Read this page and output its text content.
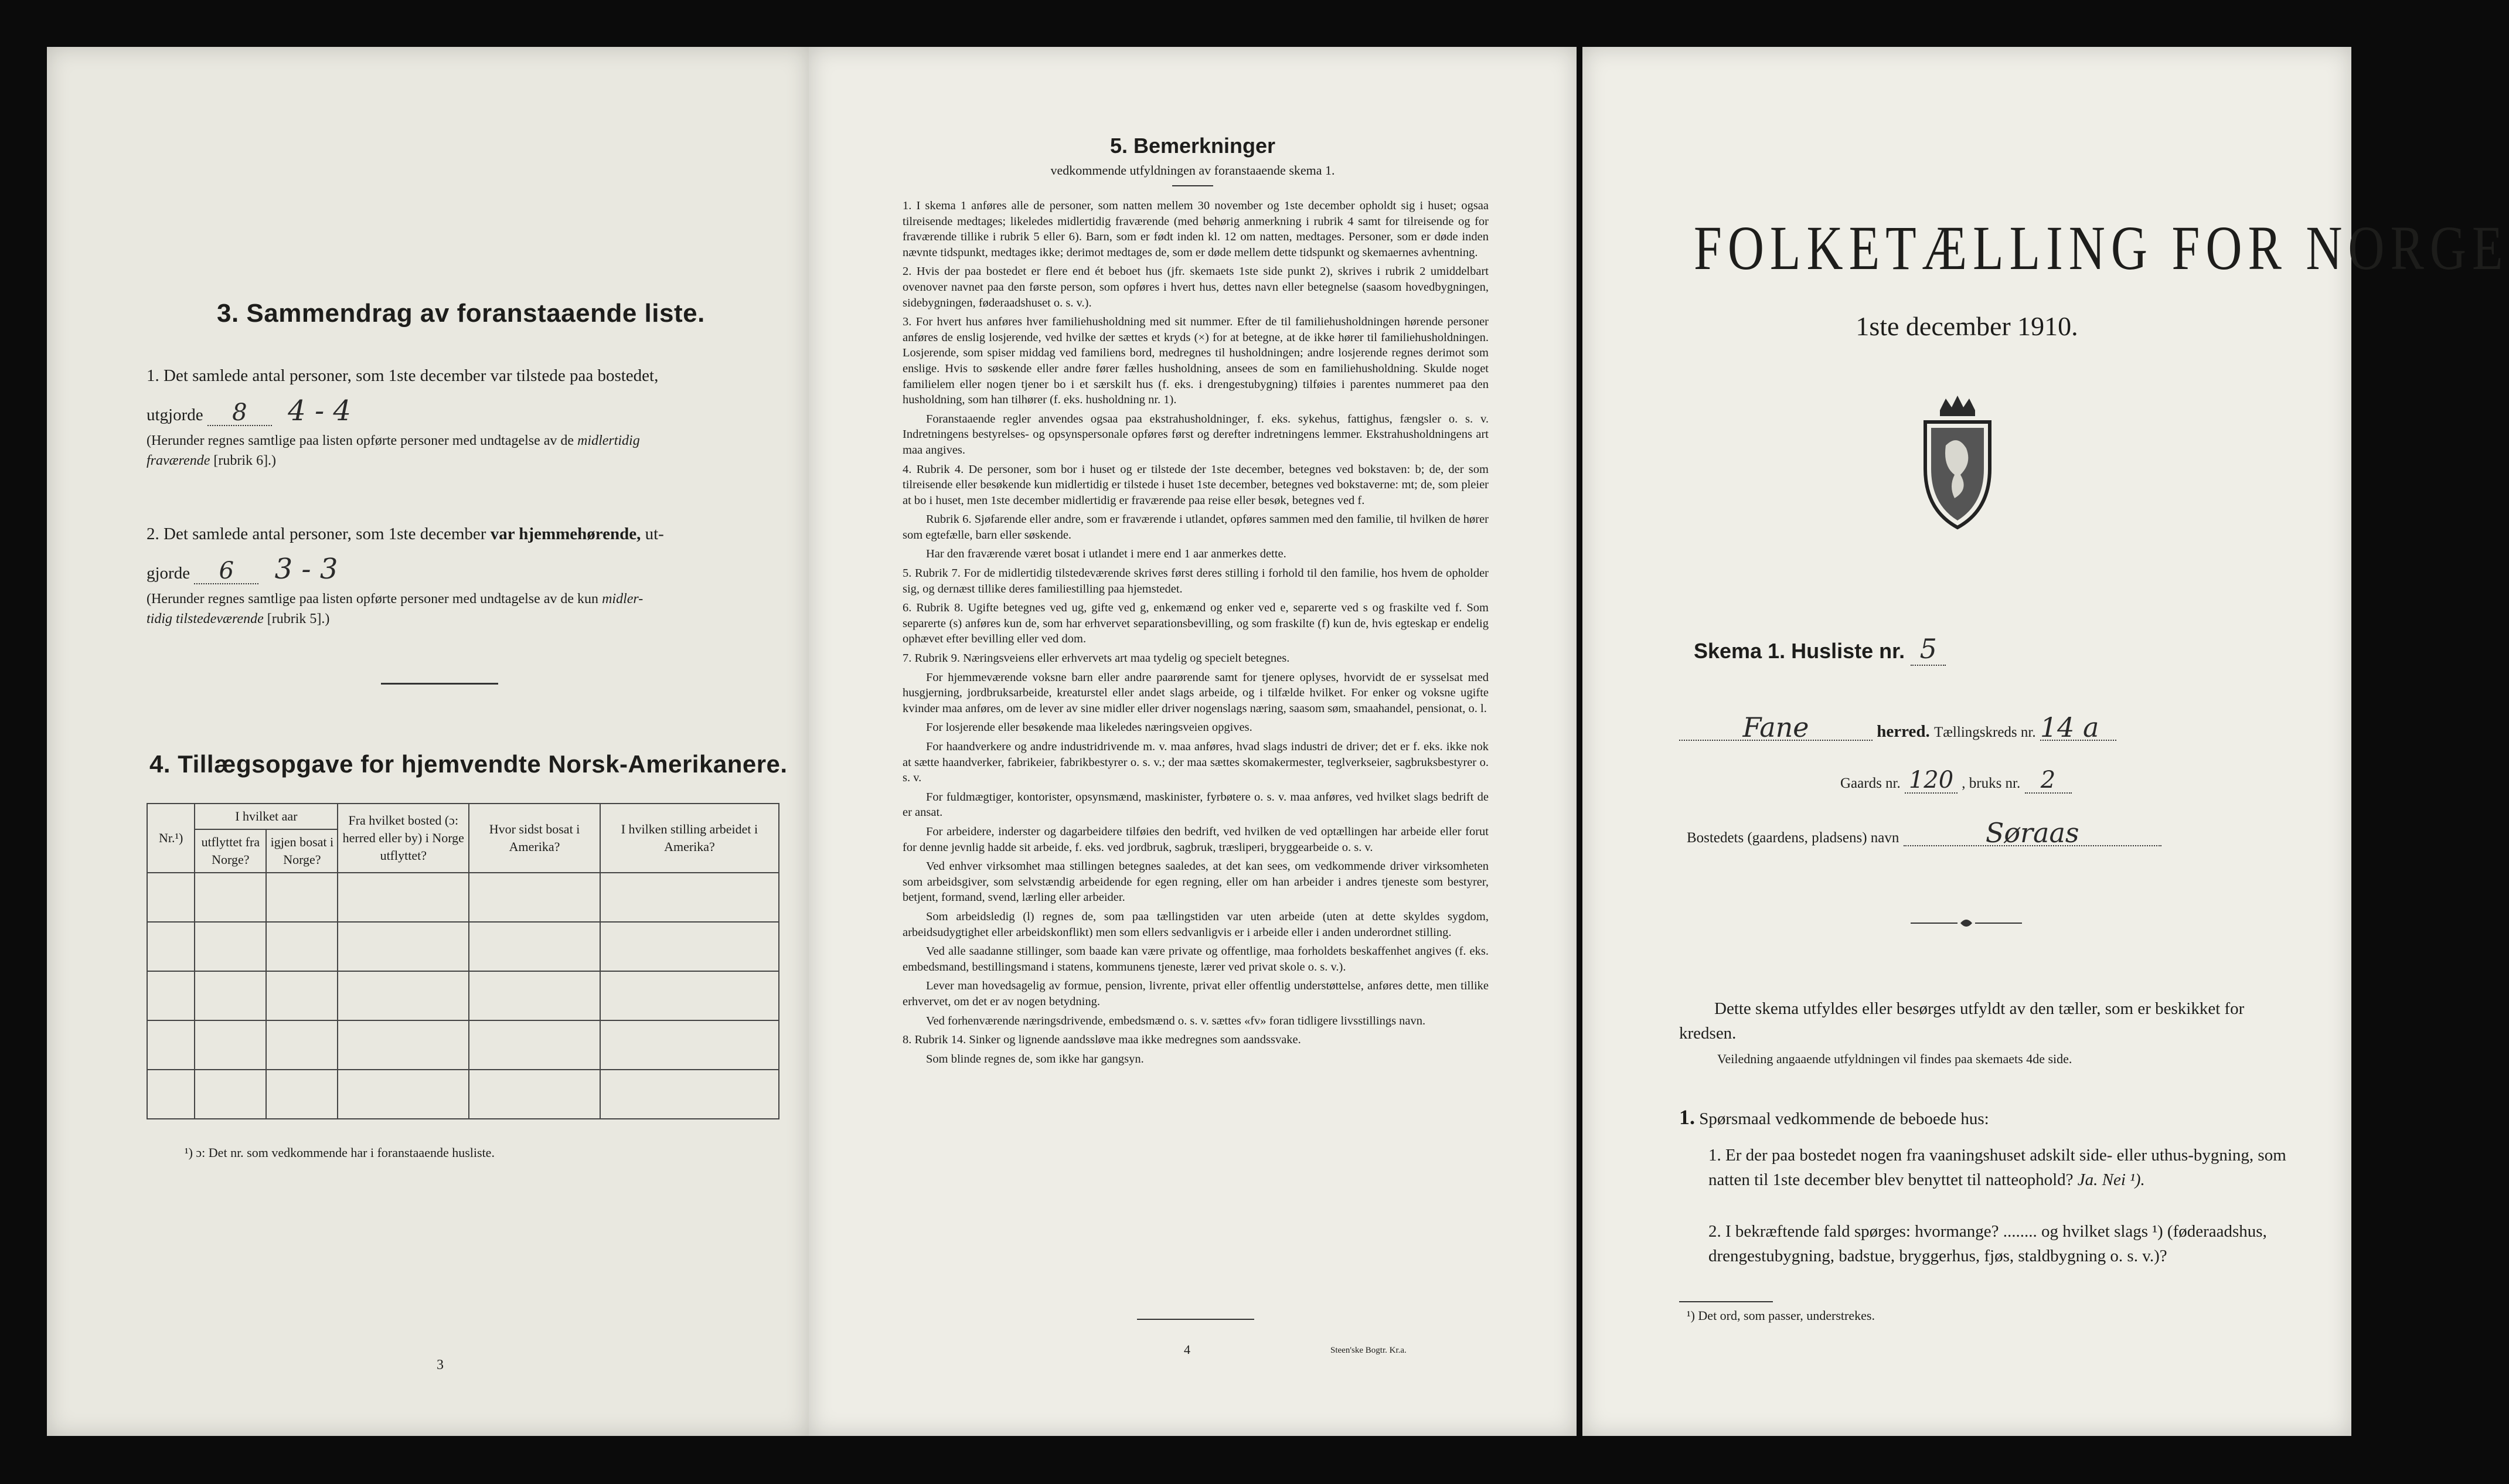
3. Sammendrag av foranstaaende liste.
1. Det samlede antal personer, som 1ste december var tilstede paa bostedet,
utgjorde 8 4 - 4
(Herunder regnes samtlige paa listen opførte personer med undtagelse av de midlertidig
fraværende [rubrik 6].)
2. Det samlede antal personer, som 1ste december var hjemmehørende, ut-
gjorde 6 3 - 3
(Herunder regnes samtlige paa listen opførte personer med undtagelse av de kun midler-
tidig tilstedeværende [rubrik 5].)
4. Tillægsopgave for hjemvendte Norsk-Amerikanere.
Nr.¹)	I hvilket aar		Fra hvilket bosted (ɔ: herred eller by) i Norge utflyttet?	Hvor sidst bosat i Amerika?	I hvilken stilling arbeidet i Amerika?
	utflyttet fra Norge?	igjen bosat i Norge?			

¹) ɔ: Det nr. som vedkommende har i foranstaaende husliste.
3
5. Bemerkninger
vedkommende utfyldningen av foranstaaende skema 1.

1. I skema 1 anføres alle de personer, som natten mellem 30 november og 1ste december opholdt sig i huset; ogsaa tilreisende medtages; likeledes midlertidig fraværende (med behørig anmerkning i rubrik 4 samt for tilreisende og for fraværende tillike i rubrik 5 eller 6). Barn, som er født inden kl. 12 om natten, medtages. Personer, som er døde inden nævnte tidspunkt, medtages ikke; derimot medtages de, som er døde mellem dette tidspunkt og skemaernes avhentning.

2. Hvis der paa bostedet er flere end ét beboet hus (jfr. skemaets 1ste side punkt 2), skrives i rubrik 2 umiddelbart ovenover navnet paa den første person, som opføres i hvert hus, dettes navn eller betegnelse (saasom hovedbygningen, sidebygningen, føderaadshuset o. s. v.).

3. For hvert hus anføres hver familiehusholdning med sit nummer. Efter de til familiehusholdningen hørende personer anføres de enslig losjerende, ved hvilke der sættes et kryds (×) for at betegne, at de ikke hører til familiehusholdningen. Losjerende, som spiser middag ved familiens bord, medregnes til husholdningen; andre losjerende regnes derimot som enslige. Hvis to søskende eller andre fører fælles husholdning, ansees de som en familiehusholdning. Skulde noget familielem eller nogen tjener bo i et særskilt hus (f. eks. i drengestubygning) tilføies i parentes nummeret paa den husholdning, som han tilhører (f. eks. husholdning nr. 1).

Foranstaaende regler anvendes ogsaa paa ekstrahusholdninger, f. eks. sykehus, fattighus, fængsler o. s. v. Indretningens bestyrelses- og opsynspersonale opføres først og derefter indretningens lemmer. Ekstrahusholdningens art maa angives.

4. Rubrik 4. De personer, som bor i huset og er tilstede der 1ste december, betegnes ved bokstaven: b; de, der som tilreisende eller besøkende kun midlertidig er tilstede i huset 1ste december, betegnes ved bokstaverne: mt; de, som pleier at bo i huset, men 1ste december midlertidig er fraværende paa reise eller besøk, betegnes ved f.

Rubrik 6. Sjøfarende eller andre, som er fraværende i utlandet, opføres sammen med den familie, til hvilken de hører som egtefælle, barn eller søskende.

Har den fraværende været bosat i utlandet i mere end 1 aar anmerkes dette.

5. Rubrik 7. For de midlertidig tilstedeværende skrives først deres stilling i forhold til den familie, hos hvem de opholder sig, og dernæst tillike deres familiestilling paa hjemstedet.

6. Rubrik 8. Ugifte betegnes ved ug, gifte ved g, enkemænd og enker ved e, separerte ved s og fraskilte ved f. Som separerte (s) anføres kun de, som har erhvervet separationsbevilling, og som fraskilte (f) kun de, hvis egteskap er endelig ophævet efter bevilling eller ved dom.

7. Rubrik 9. Næringsveiens eller erhvervets art maa tydelig og specielt betegnes.

For hjemmeværende voksne barn eller andre paarørende samt for tjenere oplyses, hvorvidt de er sysselsat med husgjerning, jordbruksarbeide, kreaturstel eller andet slags arbeide, og i tilfælde hvilket. For enker og voksne ugifte kvinder maa anføres, om de lever av sine midler eller driver nogenslags næring, saasom søm, smaahandel, pensionat, o. l.

For losjerende eller besøkende maa likeledes næringsveien opgives.

For haandverkere og andre industridrivende m. v. maa anføres, hvad slags industri de driver; det er f. eks. ikke nok at sætte haandverker, fabrikeier, fabrikbestyrer o. s. v.; der maa sættes skomakermester, teglverkseier, sagbruksbestyrer o. s. v.

For fuldmægtiger, kontorister, opsynsmænd, maskinister, fyrbøtere o. s. v. maa anføres, ved hvilket slags bedrift de er ansat.

For arbeidere, inderster og dagarbeidere tilføies den bedrift, ved hvilken de ved optællingen har arbeide eller forut for denne jevnlig hadde sit arbeide, f. eks. ved jordbruk, sagbruk, træsliperi, bryggearbeide o. s. v.

Ved enhver virksomhet maa stillingen betegnes saaledes, at det kan sees, om vedkommende driver virksomheten som arbeidsgiver, som selvstændig arbeidende for egen regning, eller om han arbeider i andres tjeneste som bestyrer, betjent, formand, svend, lærling eller arbeider.

Som arbeidsledig (l) regnes de, som paa tællingstiden var uten arbeide (uten at dette skyldes sygdom, arbeidsudygtighet eller arbeidskonflikt) men som ellers sedvanligvis er i arbeide eller i anden underordnet stilling.

Ved alle saadanne stillinger, som baade kan være private og offentlige, maa forholdets beskaffenhet angives (f. eks. embedsmand, bestillingsmand i statens, kommunens tjeneste, lærer ved privat skole o. s. v.).

Lever man hovedsagelig av formue, pension, livrente, privat eller offentlig understøttelse, anføres dette, men tillike erhvervet, om det er av nogen betydning.

Ved forhenværende næringsdrivende, embedsmænd o. s. v. sættes «fv» foran tidligere livsstillings navn.

8. Rubrik 14. Sinker og lignende aandssløve maa ikke medregnes som aandssvake.

Som blinde regnes de, som ikke har gangsyn.

4	Steen'ske Bogtr. Kr.a.
FOLKETÆLLING FOR NORGE
1ste december 1910.
Skema 1. Husliste nr. 5
Fane	herred. Tællingskreds nr. 14 a
Gaards nr. 120 , bruks nr. 2
Bostedets (gaardens, pladsens) navn	Søraas
Dette skema utfyldes eller besørges utfyldt av den tæller, som er beskikket for kredsen.
Veiledning angaaende utfyldningen vil findes paa skemaets 4de side.
1. Spørsmaal vedkommende de beboede hus:
1. Er der paa bostedet nogen fra vaaningshuset adskilt side- eller uthus-bygning, som natten til 1ste december blev benyttet til natteophold? Ja. Nei ¹).
2. I bekræftende fald spørges: hvormange? ........ og hvilket slags ¹) (føderaadshus, drengestubygning, badstue, bryggerhus, fjøs, staldbygning o. s. v.)?
¹) Det ord, som passer, understrekes.
